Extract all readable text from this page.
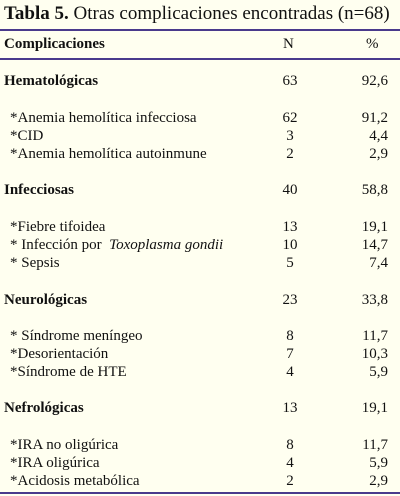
Tabla 5. Otras complicaciones encontradas (n=68)
Complicaciones	N	%
Hematológicas	63	92,6
*Anemia hemolítica infecciosa	62	91,2
*CID	3	4,4
*Anemia hemolítica autoinmune	2	2,9
Infecciosas	40	58,8
*Fiebre tifoidea	13	19,1
* Infección por Toxoplasma gondii	10	14,7
* Sepsis	5	7,4
Neurológicas	23	33,8
* Síndrome meníngeo	8	11,7
*Desorientación	7	10,3
*Síndrome de HTE	4	5,9
Nefrológicas	13	19,1
*IRA no oligúrica	8	11,7
*IRA oligúrica	4	5,9
*Acidosis metabólica	2	2,9
